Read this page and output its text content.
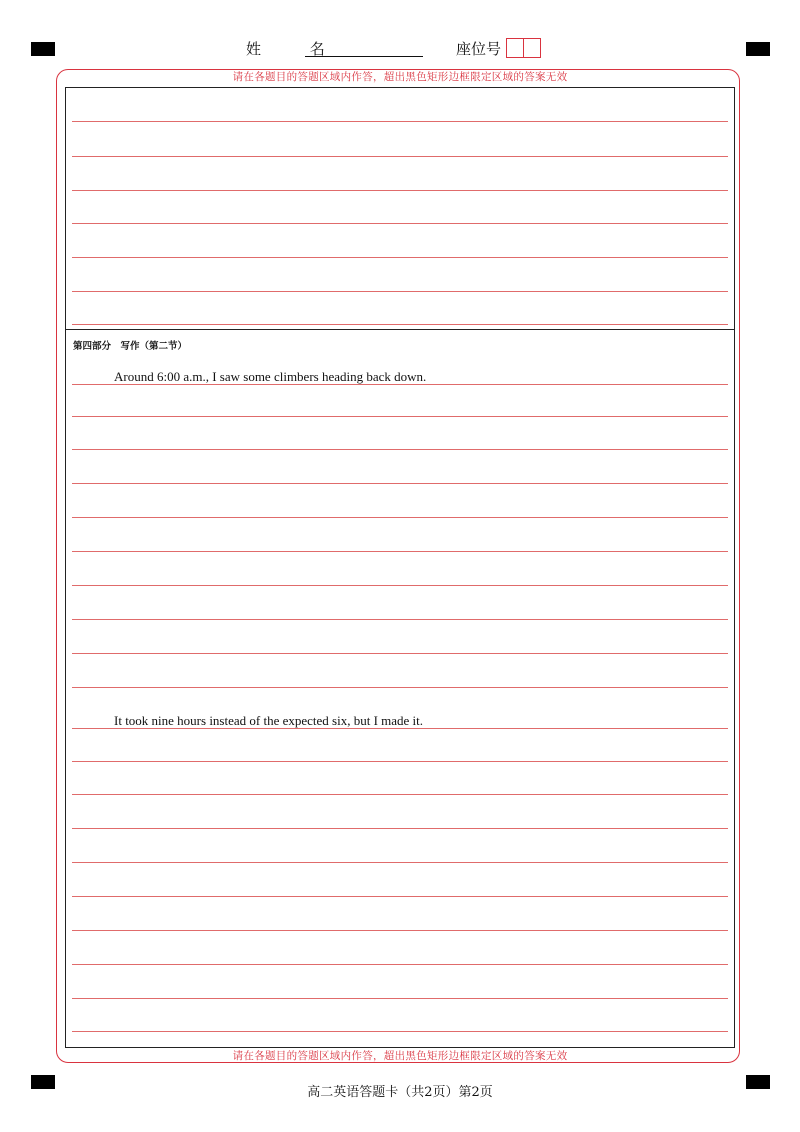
姓 名	座位号
请在各题目的答题区域内作答，超出黑色矩形边框限定区域的答案无效
请在各题目的答题区域内作答，超出黑色矩形边框限定区域的答案无效
第四部分　写作（第二节）
Around 6:00 a.m., I saw some climbers heading back down.
It took nine hours instead of the expected six, but I made it.
高二英语答题卡（共2页）第2页
